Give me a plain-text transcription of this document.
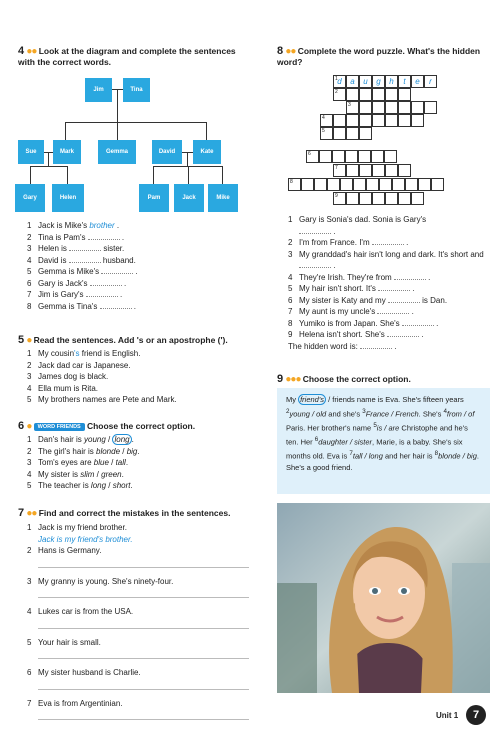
4 ●● Look at the diagram and complete the sentences with the correct words.
Jim	Tina
Sue	Mark	Gemma	David	Kate
Gary	Helen	Pam	Jack	Mike
1 Jack is Mike's brother .
2 Tina is Pam's	.
3 Helen is	sister.
4 David is	husband.
5 Gemma is Mike's	.
6 Gary is Jack's	.
7 Jim is Gary's	.
8 Gemma is Tina's	.
5 ● Read the sentences. Add 's or an apostrophe (').
1 My cousin's friend is English.
2 Jack dad car is Japanese.
3 James dog is black.
4 Ella mum is Rita.
5 My brothers names are Pete and Mark.
6 ● WORD FRIENDS Choose the correct option.
1 Dan's hair is young / long .
2 The girl's hair is blonde / big.
3 Tom's eyes are blue / tall.
4 My sister is slim / green.
5 The teacher is long / short.
7 ●● Find and correct the mistakes in the sentences.
1 Jack is my friend brother.
Jack is my friend's brother.
2 Hans is Germany.
3 My granny is young. She's ninety-four.
4 Lukes car is from the USA.
5 Your hair is small.
6 My sister husband is Charlie.
7 Eva is from Argentinian.
8 ●● Complete the word puzzle. What's the hidden word?
1 d a u g h t e r
2
3
4
5
6
7
8
9
1 Gary is Sonia's dad. Sonia is Gary's
.
2 I'm from France. I'm	.
3 My granddad's hair isn't long and dark. It's short and  .
4 They're Irish. They're from	.
5 My hair isn't short. It's	.
6 My sister is Katy and my	is Dan.
7 My aunt is my uncle's	.
8 Yumiko is from Japan. She's	.
9 Helena isn't short. She's	.
The hidden word is:	.
9 ●●● Choose the correct option.
My friend's / friends name is Eva. She's fifteen years $^2$young / old and she's $^3$France / French. She's $^4$from / of Paris. Her brother's name $^5$is / are Christophe and he's ten. Her $^6$daughter / sister, Marie, is a baby. She's six months old. Eva is $^7$tall / long and her hair is $^8$blonde / big. She's a good friend.
Unit 1	7
